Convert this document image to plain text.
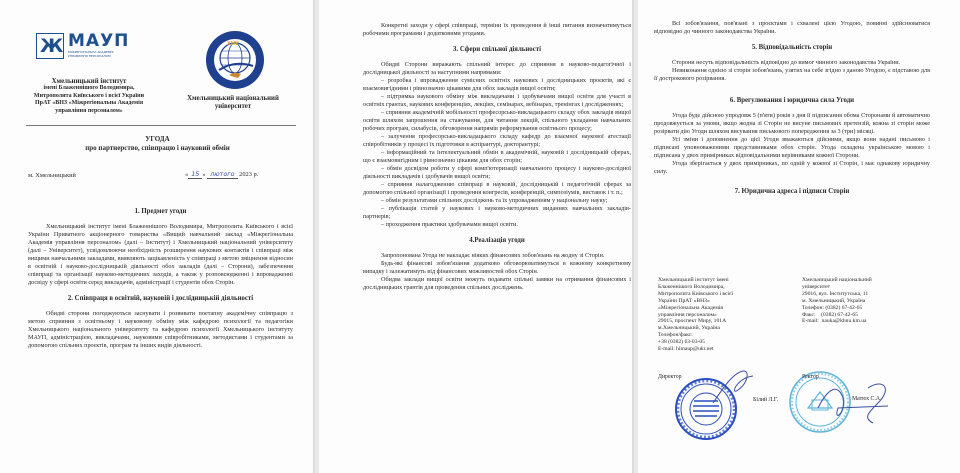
Ж МАУП
МІЖРЕГІОНАЛЬНА АКАДЕМІЯ УПРАВЛІННЯ ПЕРСОНАЛОМ
ХНУ
Хмельницький інститут
імені Блаженнішого Володимира,
Митрополита Київського і всієї України
ПрАТ «ВНЗ «Міжрегіональна Академія
управління персоналом»
Хмельницький національний
університет
УГОДА
про партнерство, співпрацю і науковий обмін
м. Хмельницький	« 15 » лютого 2023 р.

1. Предмет угоди

Хмельницький інститут імені Блаженнішого Володимира, Митрополита Київського і всієї України Приватного акціонерного товариства «Вищий навчальний заклад «Міжрегіональна Академія управління персоналом» (далі – Інститут) і Хмельницький національний університету (далі – Університет), усвідомлюючи необхідність розширення наукових контактів і співпраці між вищими навчальними закладами, виявляють зацікавленість у співпраці з метою зміцнення відносин в освітній і науково-дослідницькій діяльності обох закладів (далі – Сторони), забезпечення співпраці та організації науково-методичних заходів, а також у розповсюдженні і впровадженні досвіду у сфері освіти серед викладачів, адміністрації і студентів обох Сторін.

2. Співпраця в освітній, науковій і дослідницькій діяльності

Обидві сторони погоджуються заснувати і розвивати поетапну академічну співпрацю з метою сприяння з освітньому і науковому обміну між кафедрою психології та педагогіки Хмельницького національного університету та кафедрою психології Хмельницького інституту МАУП, адміністрацією, викладачами, науковими співробітниками, методистами і студентами за допомогою спільних проєктів, програм та інших видів діяльності.

Конкретні заходи у сфері співпраці, терміни їх проведення й інші питання визначатимуться робочими програмами і додатковими угодами.

3. Сфери спільної діяльності

Обидві Сторони виражають спільний інтерес до сприяння в науково-педагогічної і дослідницької діяльності за наступними напрямами:

– розробка і впровадження сумісних освітніх наукових і дослідницьких проєктів, які є взаємовигідними і рівнозначно цікавими для обох закладів вищої освіти;

– підтримка наукового обміну між викладачами і здобувачами вищої освіти для участі в освітніх грантах, наукових конференціях, лекціях, семінарах, вебінарах, тренінгах і дослідженнях;

– сприяння академічній мобільності професорсько-викладацького складу обох закладів вищої освіти шляхом запрошення на стажування, для читання лекцій, спільного укладання навчальних робочих програм, силабусів, обговорення напрямів реформування освітнього процесу;

– залучення професорсько-викладацького складу кафедр до взаємної наукової атестації співробітників у процесі їх підготовки в аспірантурі, докторантурі;

– інформаційний та інтелектуальний обмін в академічній, науковій і дослідницькій сферах, що є взаємовигідним і рівнозначно цікавим для обох сторін;

– обмін досвідом роботи у сфері комп'ютеризації навчального процесу і науково-дослідної діяльності викладачів і здобувачів вищої освіти;

– сприяння налагодженню співпраці в науковій, дослідницькій і педагогічній сферах за допомогою спільної організації і проведення конгресів, конференцій, симпозіумів, виставок і т. п.;

– обмін результатами спільних досліджень та їх упровадженням у національну науку;

– публікація статей у наукових і науково-методичних виданнях навчальних закладів-партнерів;

– проходження практики здобувачами вищої освіти.

4.Реалізація угоди

Запропонована Угода не накладає ніяких фінансових зобов'язань на жодну зі Сторін.

Будь-які фінансові зобов'язання додатково обговорюватимуться в кожному конкретному випадку і залежатимуть від фінансових можливостей обох Сторін.

Обидва заклади вищої освіти можуть подавати спільні заявки на отримання фінансових і дослідницьких грантів для проведення спільних досліджень.

Всі зобов'язання, пов'язані з проєктами і схвалені цією Угодою, повинні здійснюватися відповідно до чинного законодавства України.

5. Відповідальність сторін

Сторони несуть відповідальність відповідно до вимог чинного законодавства України.

Невиконання однією зі сторін зобов'язань, узятих на себе згідно з даною Угодою, є підставою для її дострокового розірвання.

6. Врегулювання і юридична сила Угоди

Угода буде дійсною упродовж 5 (п'яти) років з дня її підписання обома Сторонами й автоматично продовжується за умови, якщо жодна зі Сторін не висуне письмових претензій, кожна зі сторін може розірвати дію Угоди шляхом висування письмового попередження за 3 (три) місяці.

Усі зміни і доповнення до цієї Угоди вважаються дійсними, якщо вони надані письмово і підписані уповноваженими представниками обох сторін. Угода складена українською мовою і підписана у двох примірниках відповідальними керівниками кожної Сторони.

Угода зберігається у двох примірниках, по одній у кожної зі Сторін, і має однакову юридичну силу.

7. Юридична адреса і підписи Сторін

Хмельницький інститут імені
Блаженнішого Володимира,
Митрополита Київського і всієї
України ПрАТ «ВНЗ»
«Міжрегіональна Академія
управління персоналом»
29015, проспект Миру, 101А
м.Хмельницький, Україна
Телефон/факс:
+38 (0382) 63-03-05
E-mail: himaup@ukr.net
Хмельницький національний
університет
29016, вул. Інститутська, 11
м. Хмельницький, Україна
Телефон: (0382) 67-42-65
Факс:    (0382) 67-42-65
E-mail:  nauka@khnu.km.ua
Директор
Білий Л.Г.
Ректор
Матюх С.А.
